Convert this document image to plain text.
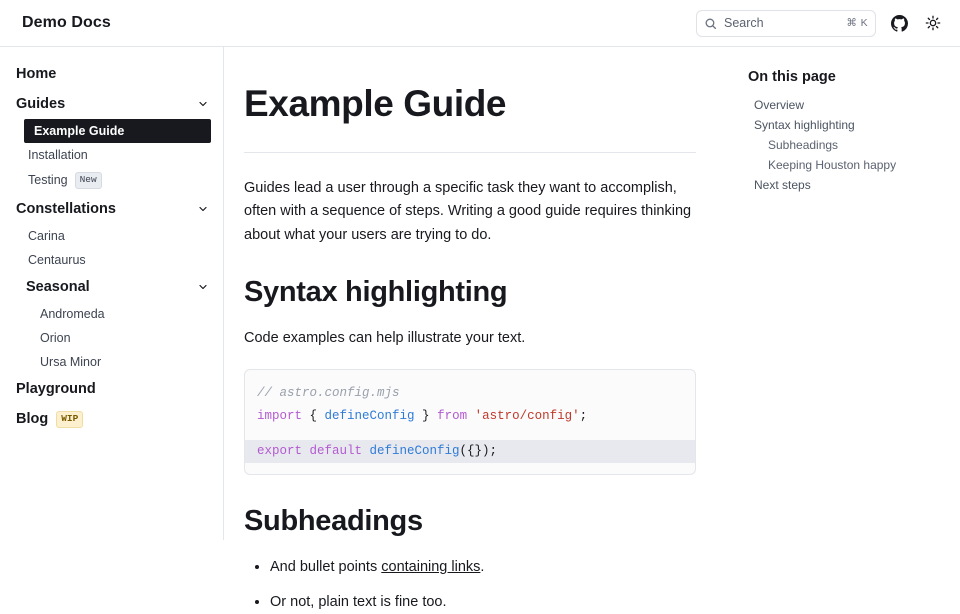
Demo Docs	Search	⌘ K
Home
Guides
Example Guide
Installation
Testing	New
Constellations
Carina
Centaurus
Seasonal
Andromeda
Orion
Ursa Minor
Playground
Blog	WIP
Example Guide

Guides lead a user through a specific task they want to accomplish, often with a sequence of steps. Writing a good guide requires thinking about what your users are trying to do.

Syntax highlighting

Code examples can help illustrate your text.

// astro.config.mjs
import { defineConfig } from 'astro/config';

export default defineConfig({});

Subheadings
• And bullet points containing links.
• Or not, plain text is fine too.
On this page
Overview
Syntax highlighting
Subheadings
Keeping Houston happy
Next steps
